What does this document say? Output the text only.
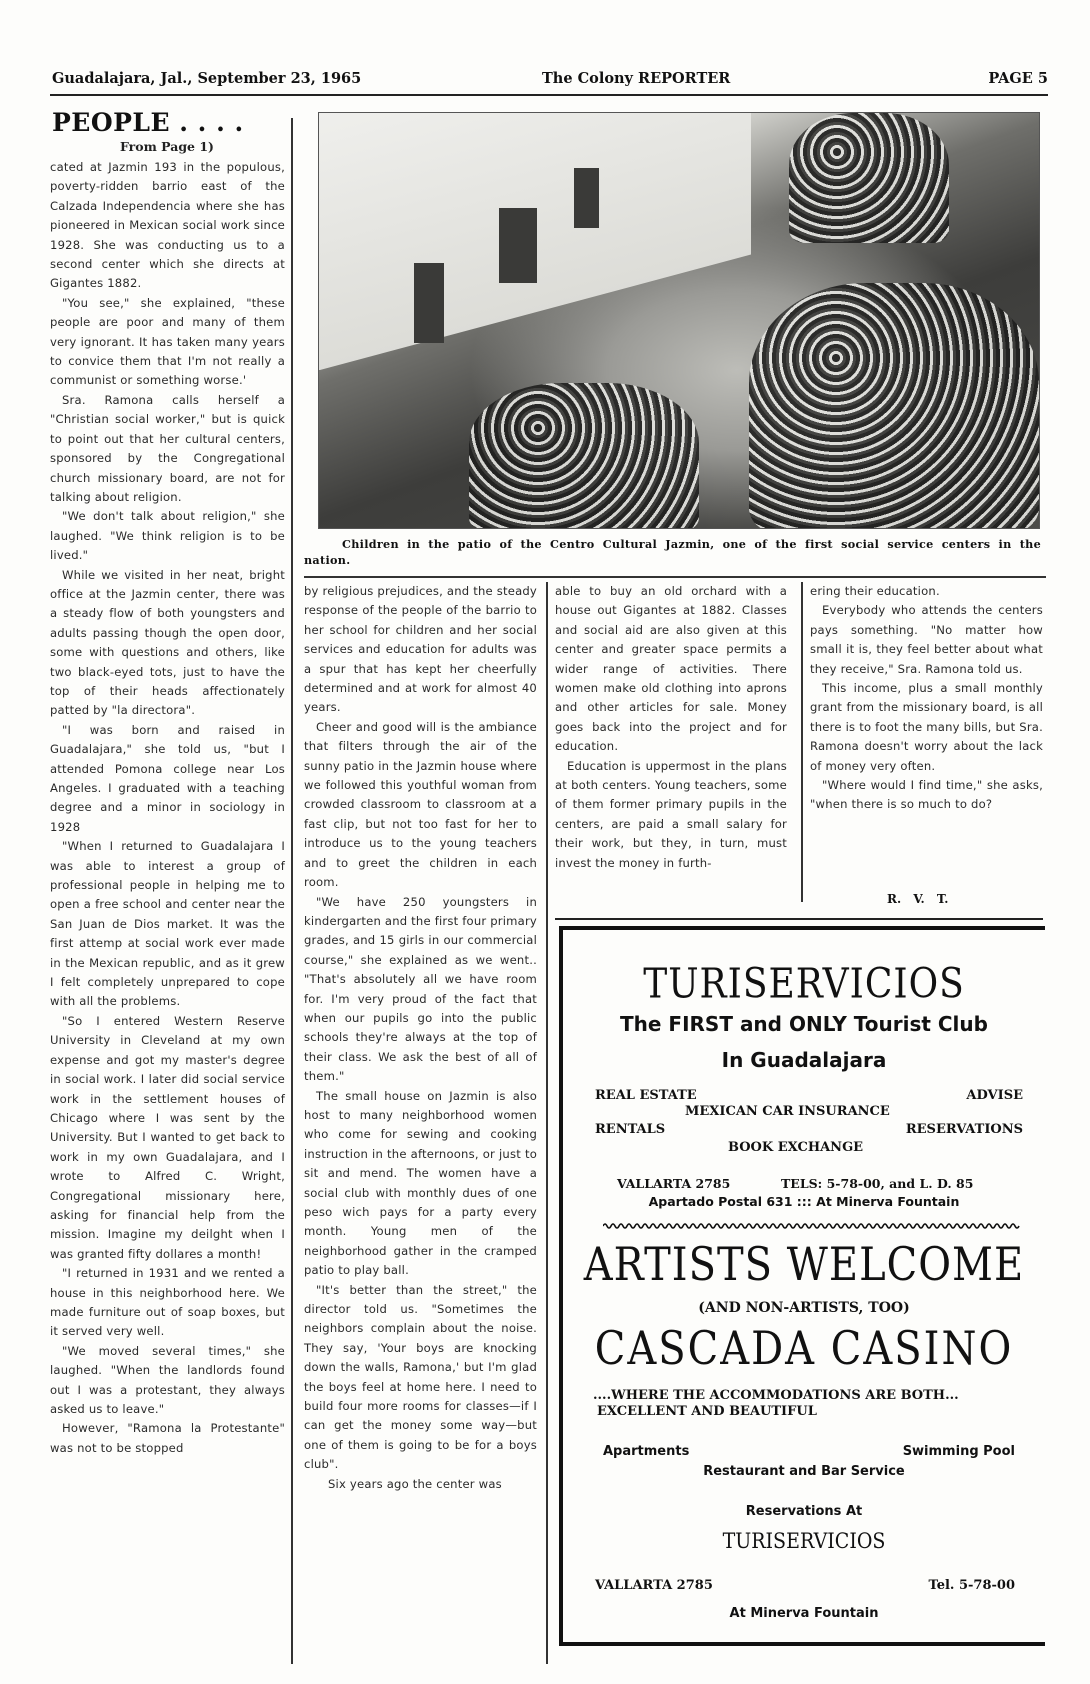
Guadalajara, Jal., September 23, 1965	The Colony REPORTER	PAGE 5
PEOPLE . . . .
From Page 1)

cated at Jazmin 193 in the populous, poverty-ridden barrio east of the Calzada Independencia where she has pioneered in Mexican social work since 1928. She was conducting us to a second center which she directs at Gigantes 1882.

"You see," she explained, "these people are poor and many of them very ignorant. It has taken many years to convice them that I'm not really a communist or something worse.'

Sra. Ramona calls herself a "Christian social worker," but is quick to point out that her cultural centers, sponsored by the Congregational church missionary board, are not for talking about religion.

"We don't talk about religion," she laughed. "We think religion is to be lived."

While we visited in her neat, bright office at the Jazmin center, there was a steady flow of both youngsters and adults passing though the open door, some with questions and others, like two black-eyed tots, just to have the top of their heads affectionately patted by "la directora".

"I was born and raised in Guadalajara," she told us, "but I attended Pomona college near Los Angeles. I graduated with a teaching degree and a minor in sociology in 1928

"When I returned to Guadalajara I was able to interest a group of professional people in helping me to open a free school and center near the San Juan de Dios market. It was the first attemp at social work ever made in the Mexican republic, and as it grew I felt completely unprepared to cope with all the problems.

"So I entered Western Reserve University in Cleveland at my own expense and got my master's degree in social work. I later did social service work in the settlement houses of Chicago where I was sent by the University. But I wanted to get back to work in my own Guadalajara, and I wrote to Alfred C. Wright, Congregational missionary here, asking for financial help from the mission. Imagine my deilght when I was granted fifty dollares a month!

"I returned in 1931 and we rented a house in this neighborhood here. We made furniture out of soap boxes, but it served very well.

"We moved several times," she laughed. "When the landlords found out I was a protestant, they always asked us to leave."

However, "Ramona la Protestante" was not to be stopped

Children in the patio of the Centro Cultural Jazmin, one of the first social service centers in the nation.

by religious prejudices, and the steady response of the people of the barrio to her school for children and her social services and education for adults was a spur that has kept her cheerfully determined and at work for almost 40 years.

Cheer and good will is the ambiance that filters through the air of the sunny patio in the Jazmin house where we followed this youthful woman from crowded classroom to classroom at a fast clip, but not too fast for her to introduce us to the young teachers and to greet the children in each room.

"We have 250 youngsters in kindergarten and the first four primary grades, and 15 girls in our commercial course," she explained as we went.. "That's absolutely all we have room for. I'm very proud of the fact that when our pupils go into the public schools they're always at the top of their class. We ask the best of all of them."

The small house on Jazmin is also host to many neighborhood women who come for sewing and cooking instruction in the afternoons, or just to sit and mend. The women have a social club with monthly dues of one peso wich pays for a party every month. Young men of the neighborhood gather in the cramped patio to play ball.

"It's better than the street," the director told us. "Sometimes the neighbors complain about the noise. They say, 'Your boys are knocking down the walls, Ramona,' but I'm glad the boys feel at home here. I need to build four more rooms for classes—if I can get the money some way—but one of them is going to be for a boys club".

Six years ago the center was

able to buy an old orchard with a house out Gigantes at 1882. Classes and social aid are also given at this center and greater space permits a wider range of activities. There women make old clothing into aprons and other articles for sale. Money goes back into the project and for education.

Education is uppermost in the plans at both centers. Young teachers, some of them former primary pupils in the centers, are paid a small salary for their work, but they, in turn, must invest the money in furth-

ering their education.

Everybody who attends the centers pays something. "No matter how small it is, they feel better about what they receive," Sra. Ramona told us.

This income, plus a small monthly grant from the missionary board, is all there is to foot the many bills, but Sra. Ramona doesn't worry about the lack of money very often.

"Where would I find time," she asks, "when there is so much to do?

R. V. T.
TURISERVICIOS
The FIRST and ONLY Tourist Club
In Guadalajara
REAL ESTATE	ADVISE
MEXICAN CAR INSURANCE
RENTALS	RESERVATIONS
BOOK EXCHANGE
VALLARTA 2785	TELS: 5-78-00, and L. D. 85
Apartado Postal 631 ::: At Minerva Fountain
ARTISTS WELCOME
(AND NON-ARTISTS, TOO)
CASCADA CASINO
....WHERE THE ACCOMMODATIONS ARE BOTH...
EXCELLENT AND BEAUTIFUL
Apartments	Swimming Pool
Restaurant and Bar Service
Reservations At
TURISERVICIOS
VALLARTA 2785	Tel. 5-78-00
At Minerva Fountain
